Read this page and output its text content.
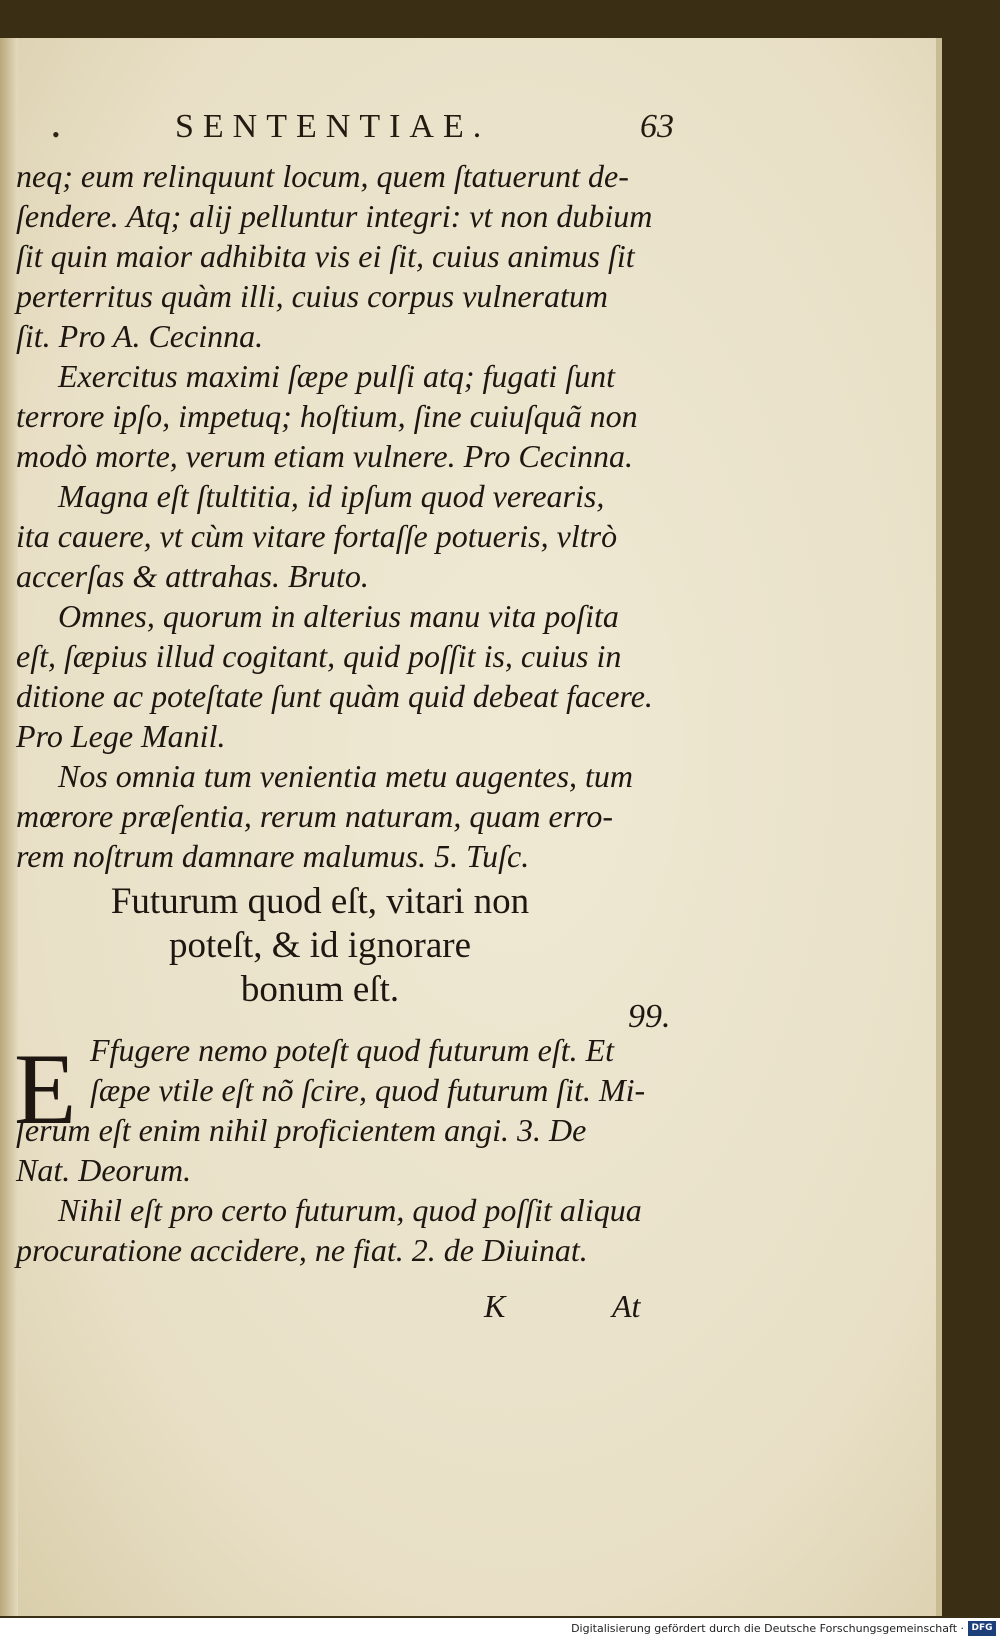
•	SENTENTIAE.	63
neq; eum relinquunt locum, quem ſtatuerunt de-
ſendere. Atq; alij pelluntur integri: vt non dubium
ſit quin maior adhibita vis ei ſit, cuius animus ſit
perterritus quàm illi, cuius corpus vulneratum
ſit. Pro A. Cecinna.
Exercitus maximi ſæpe pulſi atq; fugati ſunt
terrore ipſo, impetuq; hoſtium, ſine cuiuſquã non
modò morte, verum etiam vulnere. Pro Cecinna.
Magna eſt ſtultitia, id ipſum quod verearis,
ita cauere, vt cùm vitare fortaſſe potueris, vltrò
accerſas & attrahas. Bruto.
Omnes, quorum in alterius manu vita poſita
eſt, ſæpius illud cogitant, quid poſſit is, cuius in
ditione ac poteſtate ſunt quàm quid debeat facere.
Pro Lege Manil.
Nos omnia tum venientia metu augentes, tum
mœrore præſentia, rerum naturam, quam erro-
rem noſtrum damnare malumus. 5. Tuſc.
Futurum quod eſt, vitari non
poteſt, & id ignorare
bonum eſt.
99.
E Ffugere nemo poteſt quod futurum eſt. Et
ſæpe vtile eſt nõ ſcire, quod futurum ſit. Mi-
ſerum eſt enim nihil proficientem angi. 3. De
Nat. Deorum.
Nihil eſt pro certo futurum, quod poſſit aliqua
procuratione accidere, ne fiat. 2. de Diuinat.
K	At
Digitalisierung gefördert durch die Deutsche Forschungsgemeinschaft · DFG
